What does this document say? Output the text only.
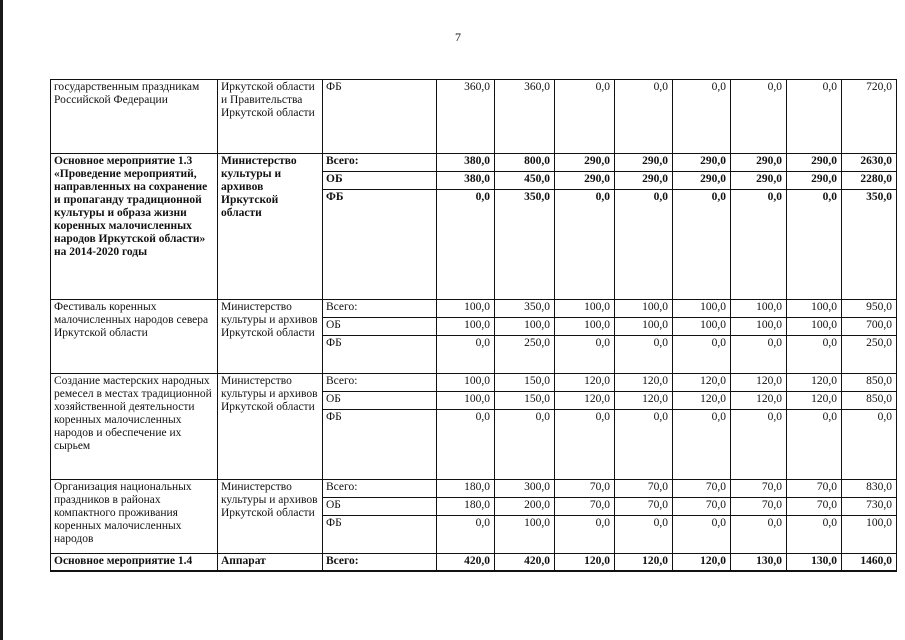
7
государственным праздникам Российской Федерации	Иркутской области и Правительства Иркутской области	ФБ	360,0	360,0	0,0	0,0	0,0	0,0	0,0	720,0
Основное мероприятие 1.3 «Проведение мероприятий, направленных на сохранение и пропаганду традиционной культуры и образа жизни коренных малочисленных народов Иркутской области» на 2014-2020 годы	Министерство культуры и архивов Иркутской области	Всего:	380,0	800,0	290,0	290,0	290,0	290,0	290,0	2630,0
		ОБ	380,0	450,0	290,0	290,0	290,0	290,0	290,0	2280,0
		ФБ	0,0	350,0	0,0	0,0	0,0	0,0	0,0	350,0
Фестиваль коренных малочисленных народов севера Иркутской области	Министерство культуры и архивов Иркутской области	Всего:	100,0	350,0	100,0	100,0	100,0	100,0	100,0	950,0
		ОБ	100,0	100,0	100,0	100,0	100,0	100,0	100,0	700,0
		ФБ	0,0	250,0	0,0	0,0	0,0	0,0	0,0	250,0
Создание мастерских народных ремесел в местах традиционной хозяйственной деятельности коренных малочисленных народов и обеспечение их сырьем	Министерство культуры и архивов Иркутской области	Всего:	100,0	150,0	120,0	120,0	120,0	120,0	120,0	850,0
		ОБ	100,0	150,0	120,0	120,0	120,0	120,0	120,0	850,0
		ФБ	0,0	0,0	0,0	0,0	0,0	0,0	0,0	0,0
Организация национальных праздников в районах компактного проживания коренных малочисленных народов	Министерство культуры и архивов Иркутской области	Всего:	180,0	300,0	70,0	70,0	70,0	70,0	70,0	830,0
		ОБ	180,0	200,0	70,0	70,0	70,0	70,0	70,0	730,0
		ФБ	0,0	100,0	0,0	0,0	0,0	0,0	0,0	100,0
Основное мероприятие 1.4	Аппарат	Всего:	420,0	420,0	120,0	120,0	120,0	130,0	130,0	1460,0
